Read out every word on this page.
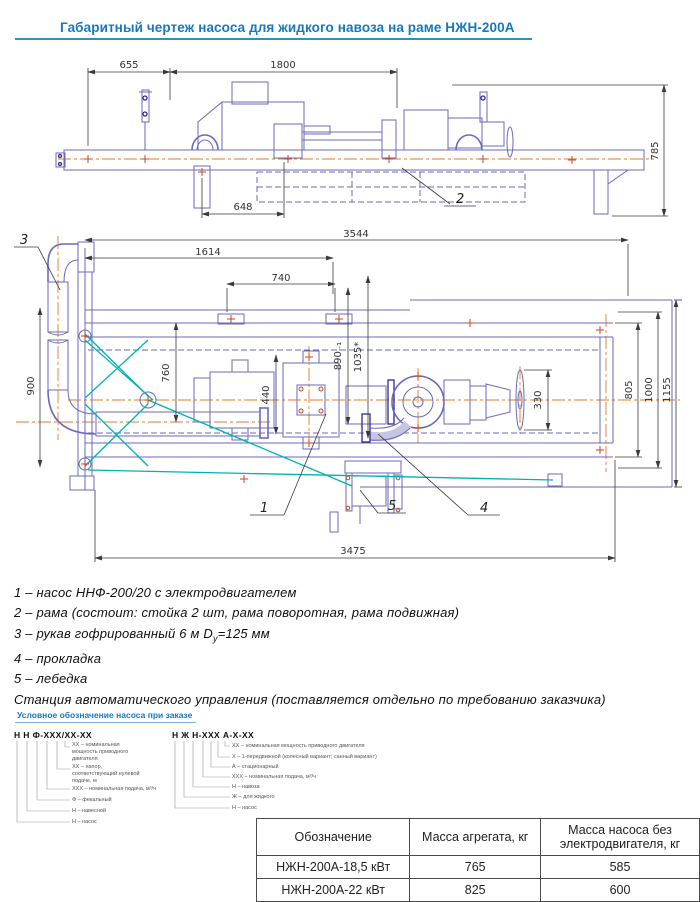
Габаритный чертеж насоса для жидкого навоза на раме НЖН-200А
655	1800
648
785
2
3544
1614
740
900
760
890₋₁ 1035*
440	330
805 1000 1155
3475
3
1	5	4
1 – насос ННФ-200/20 с электродвигателем
2 – рама (состоит: стойка 2 шт, рама поворотная, рама подвижная)
3 – рукав гофрированный 6 м $D_у=125$ мм
4 – прокладка
5 – лебедка
Станция автоматического управления (поставляется отдельно по требованию заказчика)
Условное обозначение насоса при заказе
Н Н Ф-XXX/XX-XX
XX – номинальная мощность приводного двигателя
XX – напор, соответствующий нулевой подаче, м
XXX – номинальная подача, м³/ч
Ф – фекальный
Н – навесной
Н – насос
Н Ж Н-XXX А-Х-XX
XX – номинальная мощность приводного двигателя
X – 1-передвижной (колесный вариант; санный вариант)
А – стационарный
XXX – номинальная подача, м³/ч
Н – навоза
Ж – для жидкого
Н – насос
Обозначение	Масса агрегата, кг	Масса насоса без электродвигателя, кг
НЖН-200А-18,5 кВт	765	585
НЖН-200А-22 кВт	825	600
